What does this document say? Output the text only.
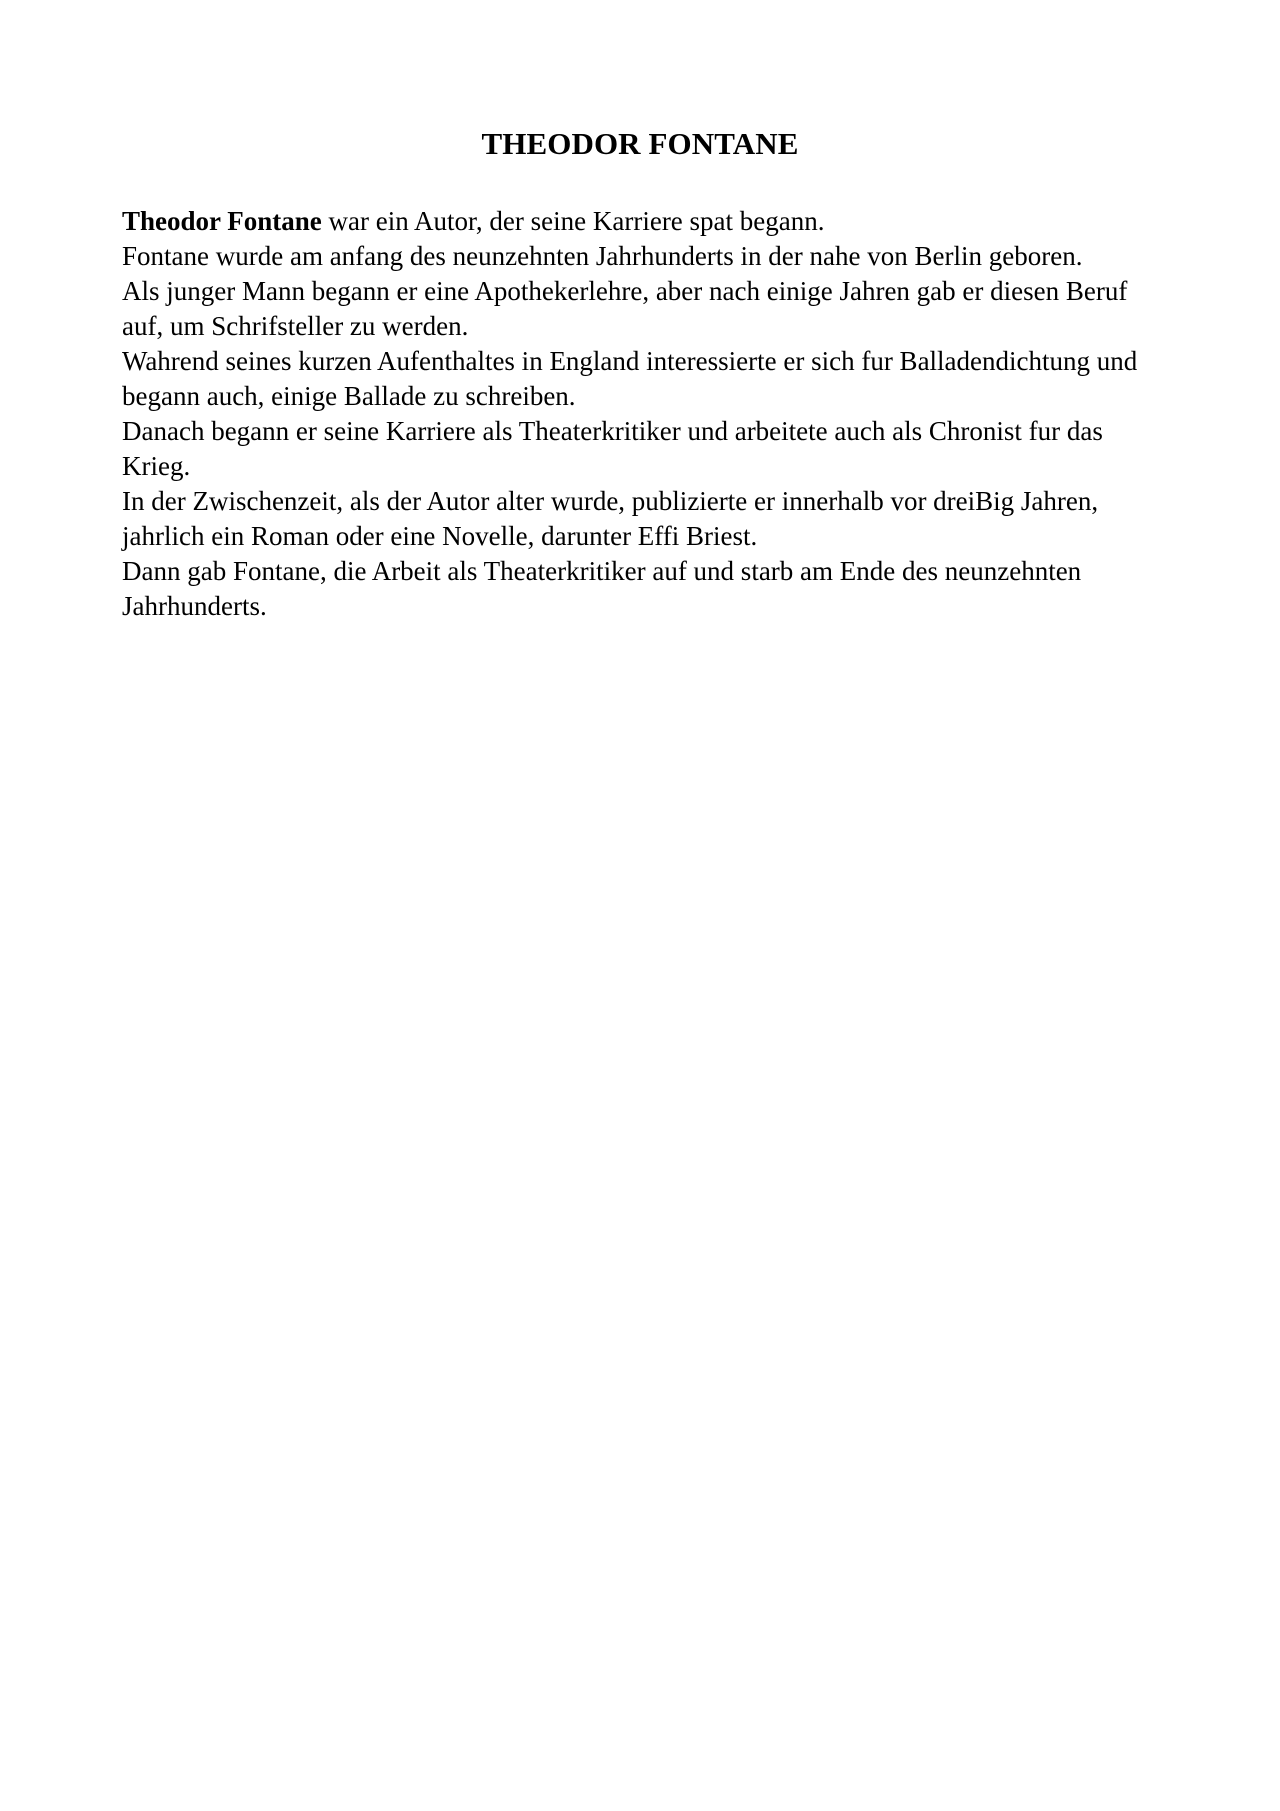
THEODOR FONTANE

Theodor Fontane war ein Autor, der seine Karriere spat begann.

Fontane wurde am anfang des neunzehnten Jahrhunderts in der nahe von Berlin geboren.

Als junger Mann begann er eine Apothekerlehre, aber nach einige Jahren gab er diesen Beruf auf, um Schrifsteller zu werden.

Wahrend seines kurzen Aufenthaltes in England interessierte er sich fur Balladendichtung und begann auch, einige Ballade zu schreiben.

Danach begann er seine Karriere als Theaterkritiker und arbeitete auch als Chronist fur das Krieg.

In der Zwischenzeit, als der Autor alter wurde, publizierte er innerhalb vor dreiBig Jahren, jahrlich ein Roman oder eine Novelle, darunter Effi Briest.

Dann gab Fontane, die Arbeit als Theaterkritiker auf und starb am Ende des neunzehnten Jahrhunderts.
